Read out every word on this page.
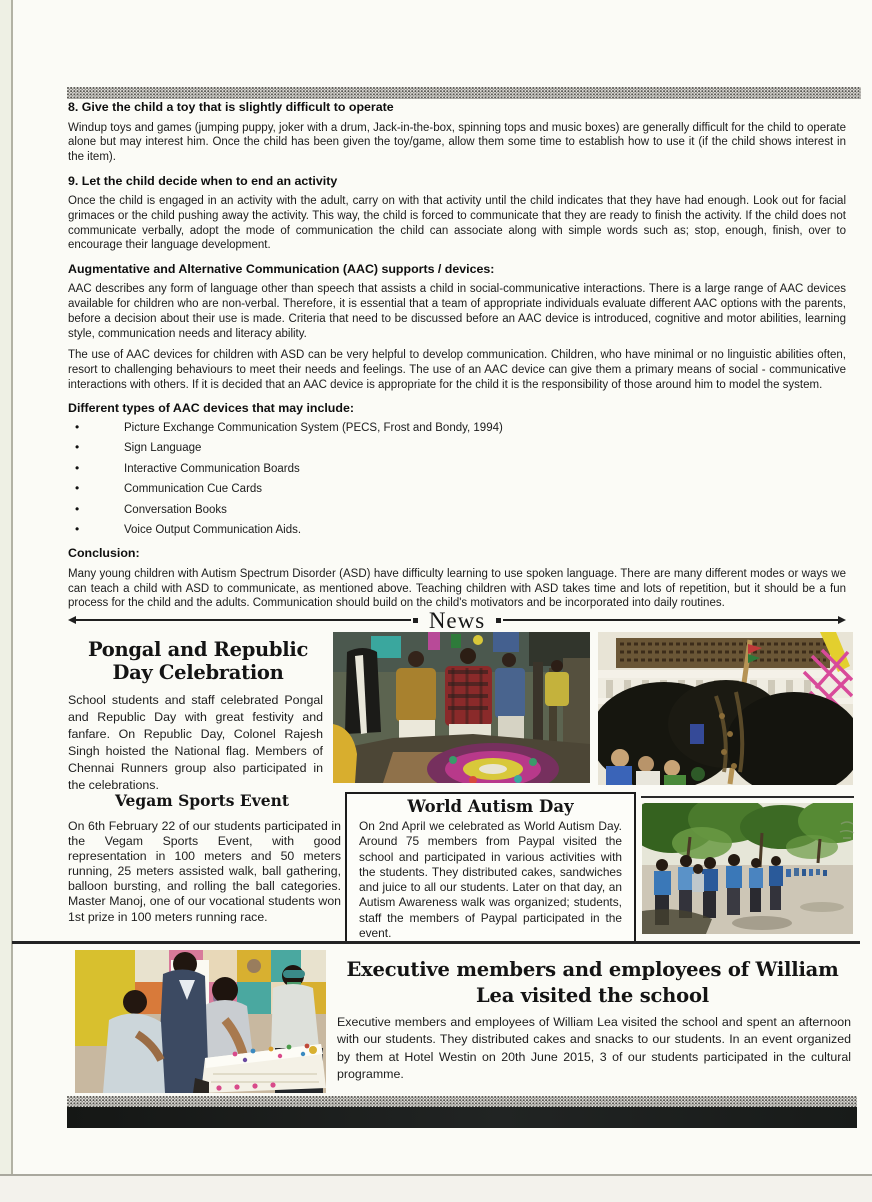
8. Give the child a toy that is slightly difficult to operate

Windup toys and games (jumping puppy, joker with a drum, Jack-in-the-box, spinning tops and music boxes) are generally difficult for the child to operate alone but may interest him. Once the child has been given the toy/game, allow them some time to establish how to use it (if the child shows interest in the item).

9. Let the child decide when to end an activity

Once the child is engaged in an activity with the adult, carry on with that activity until the child indicates that they have had enough. Look out for facial grimaces or the child pushing away the activity. This way, the child is forced to communicate that they are ready to finish the activity. If the child does not communicate verbally, adopt the mode of communication the child can associate along with simple words such as; stop, enough, finish, over to encourage their language development.

Augmentative and Alternative Communication (AAC) supports / devices:

AAC describes any form of language other than speech that assists a child in social-communicative interactions. There is a large range of AAC devices available for children who are non-verbal. Therefore, it is essential that a team of appropriate individuals evaluate different AAC options with the parents, before a decision about their use is made. Criteria that need to be discussed before an AAC device is introduced, cognitive and motor abilities, learning style, communication needs and literacy ability.

The use of AAC devices for children with ASD can be very helpful to develop communication. Children, who have minimal or no linguistic abilities often, resort to challenging behaviours to meet their needs and feelings. The use of an AAC device can give them a primary means of social - communicative interactions with others. If it is decided that an AAC device is appropriate for the child it is the responsibility of those around him to model the system.

Different types of AAC devices that may include:
• Picture Exchange Communication System (PECS, Frost and Bondy, 1994)
• Sign Language
• Interactive Communication Boards
• Communication Cue Cards
• Conversation Books
• Voice Output Communication Aids.
Conclusion:

Many young children with Autism Spectrum Disorder (ASD) have difficulty learning to use spoken language. There are many different modes or ways we can teach a child with ASD to communicate, as mentioned above. Teaching children with ASD takes time and lots of repetition, but it should be a fun process for the child and the adults. Communication should build on the child's motivators and be incorporated into daily routines.

News
Pongal and Republic Day Celebration
School students and staff celebrated Pongal and Republic Day with great festivity and fanfare. On Republic Day, Colonel Rajesh Singh hoisted the National flag. Members of Chennai Runners group also participated in the celebrations.
Vegam Sports Event
On 6th February 22 of our students participated in the Vegam Sports Event, with good representation in 100 meters and 50 meters running, 25 meters assisted walk, ball gathering, balloon bursting, and rolling the ball categories. Master Manoj, one of our vocational students won 1st prize in 100 meters running race.
World Autism Day
On 2nd April we celebrated as World Autism Day. Around 75 members from Paypal visited the school and participated in various activities with the students. They distributed cakes, sandwiches and juice to all our students. Later on that day, an Autism Awareness walk was organized; students, staff the members of Paypal participated in the event.
Executive members and employees of William Lea visited the school
Executive members and employees of William Lea visited the school and spent an afternoon with our students. They distributed cakes and snacks to our students. In an event organized by them at Hotel Westin on 20th June 2015, 3 of our students participated in the cultural programme.
